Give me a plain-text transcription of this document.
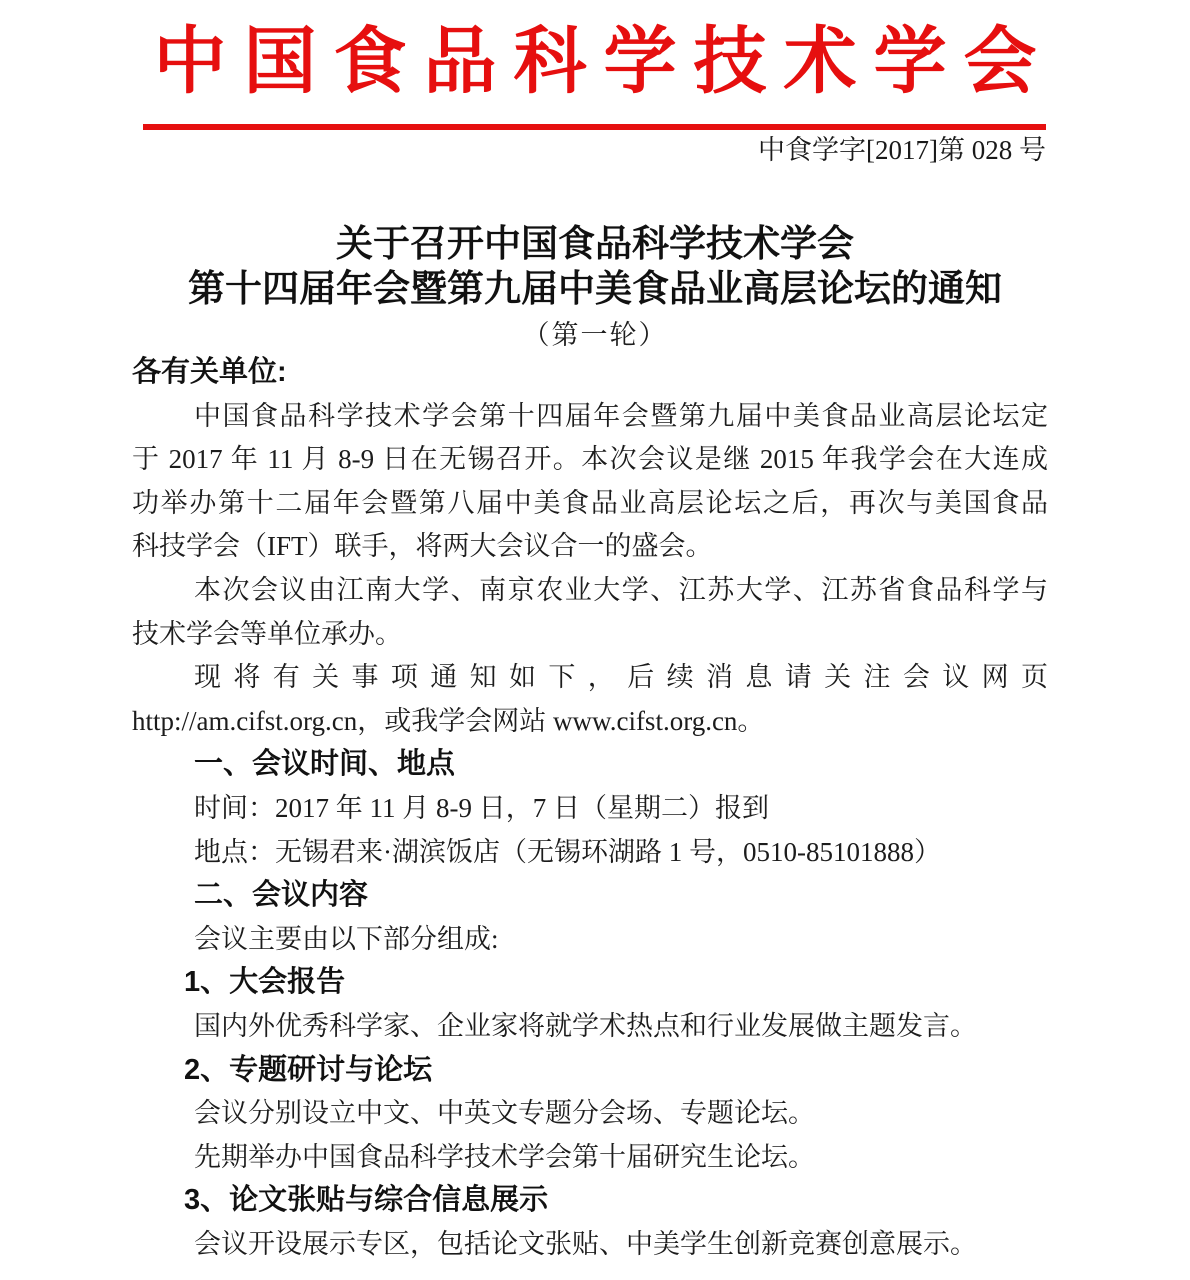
中国食品科学技术学会
中食学字[2017]第 028 号
关于召开中国食品科学技术学会
第十四届年会暨第九届中美食品业高层论坛的通知
（第一轮）
各有关单位:
中国食品科学技术学会第十四届年会暨第九届中美食品业高层论坛定
于 2017 年 11 月 8-9 日在无锡召开。本次会议是继 2015 年我学会在大连成
功举办第十二届年会暨第八届中美食品业高层论坛之后，再次与美国食品
科技学会（IFT）联手，将两大会议合一的盛会。
本次会议由江南大学、南京农业大学、江苏大学、江苏省食品科学与
技术学会等单位承办。
现将有关事项通知如下，后续消息请关注会议网页
http://am.cifst.org.cn，或我学会网站 www.cifst.org.cn。
一、会议时间、地点
时间：2017 年 11 月 8-9 日，7 日（星期二）报到
地点：无锡君来·湖滨饭店（无锡环湖路 1 号，0510-85101888）
二、会议内容
会议主要由以下部分组成:
1、大会报告
国内外优秀科学家、企业家将就学术热点和行业发展做主题发言。
2、专题研讨与论坛
会议分别设立中文、中英文专题分会场、专题论坛。
先期举办中国食品科学技术学会第十届研究生论坛。
3、论文张贴与综合信息展示
会议开设展示专区，包括论文张贴、中美学生创新竞赛创意展示。
